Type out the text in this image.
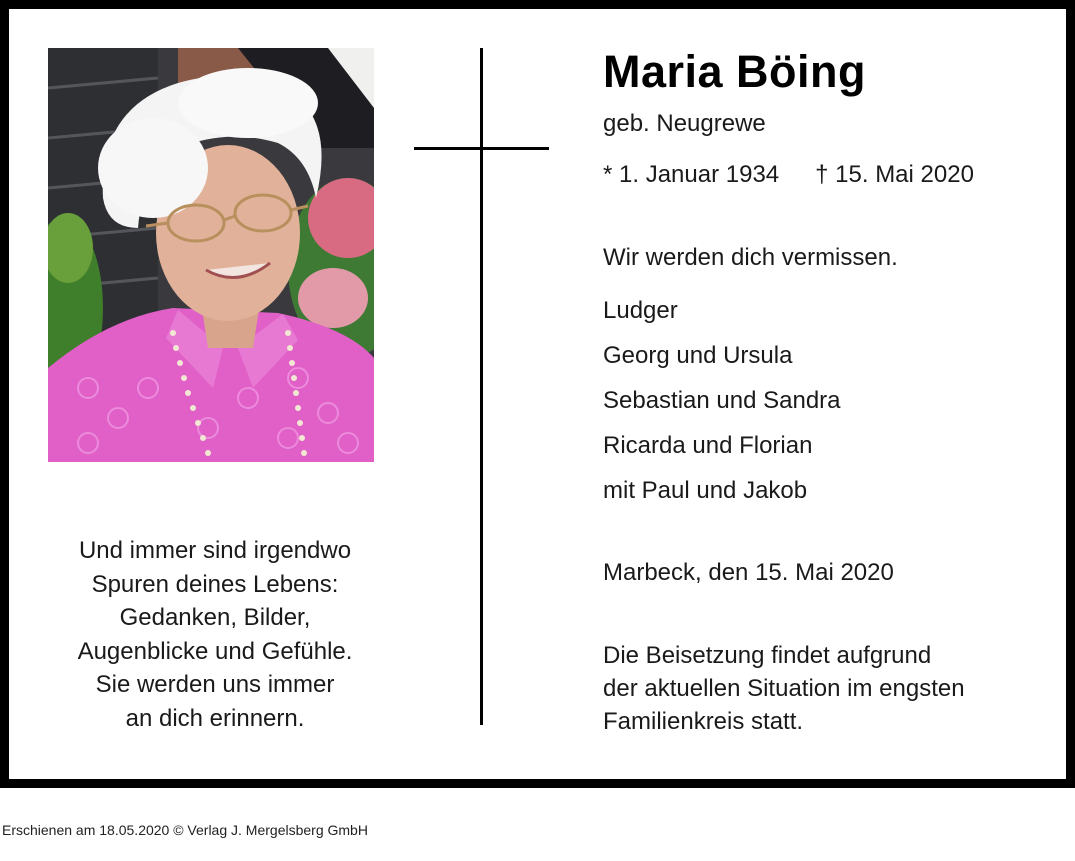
Und immer sind irgendwo
Spuren deines Lebens:
Gedanken, Bilder,
Augenblicke und Gefühle.
Sie werden uns immer
an dich erinnern.
Maria Böing
geb. Neugrewe
* 1. Januar 1934 † 15. Mai 2020
Wir werden dich vermissen.
Ludger
Georg und Ursula
Sebastian und Sandra
Ricarda und Florian
mit Paul und Jakob
Marbeck, den 15. Mai 2020
Die Beisetzung findet aufgrund
der aktuellen Situation im engsten
Familienkreis statt.
Erschienen am 18.05.2020 © Verlag J. Mergelsberg GmbH
